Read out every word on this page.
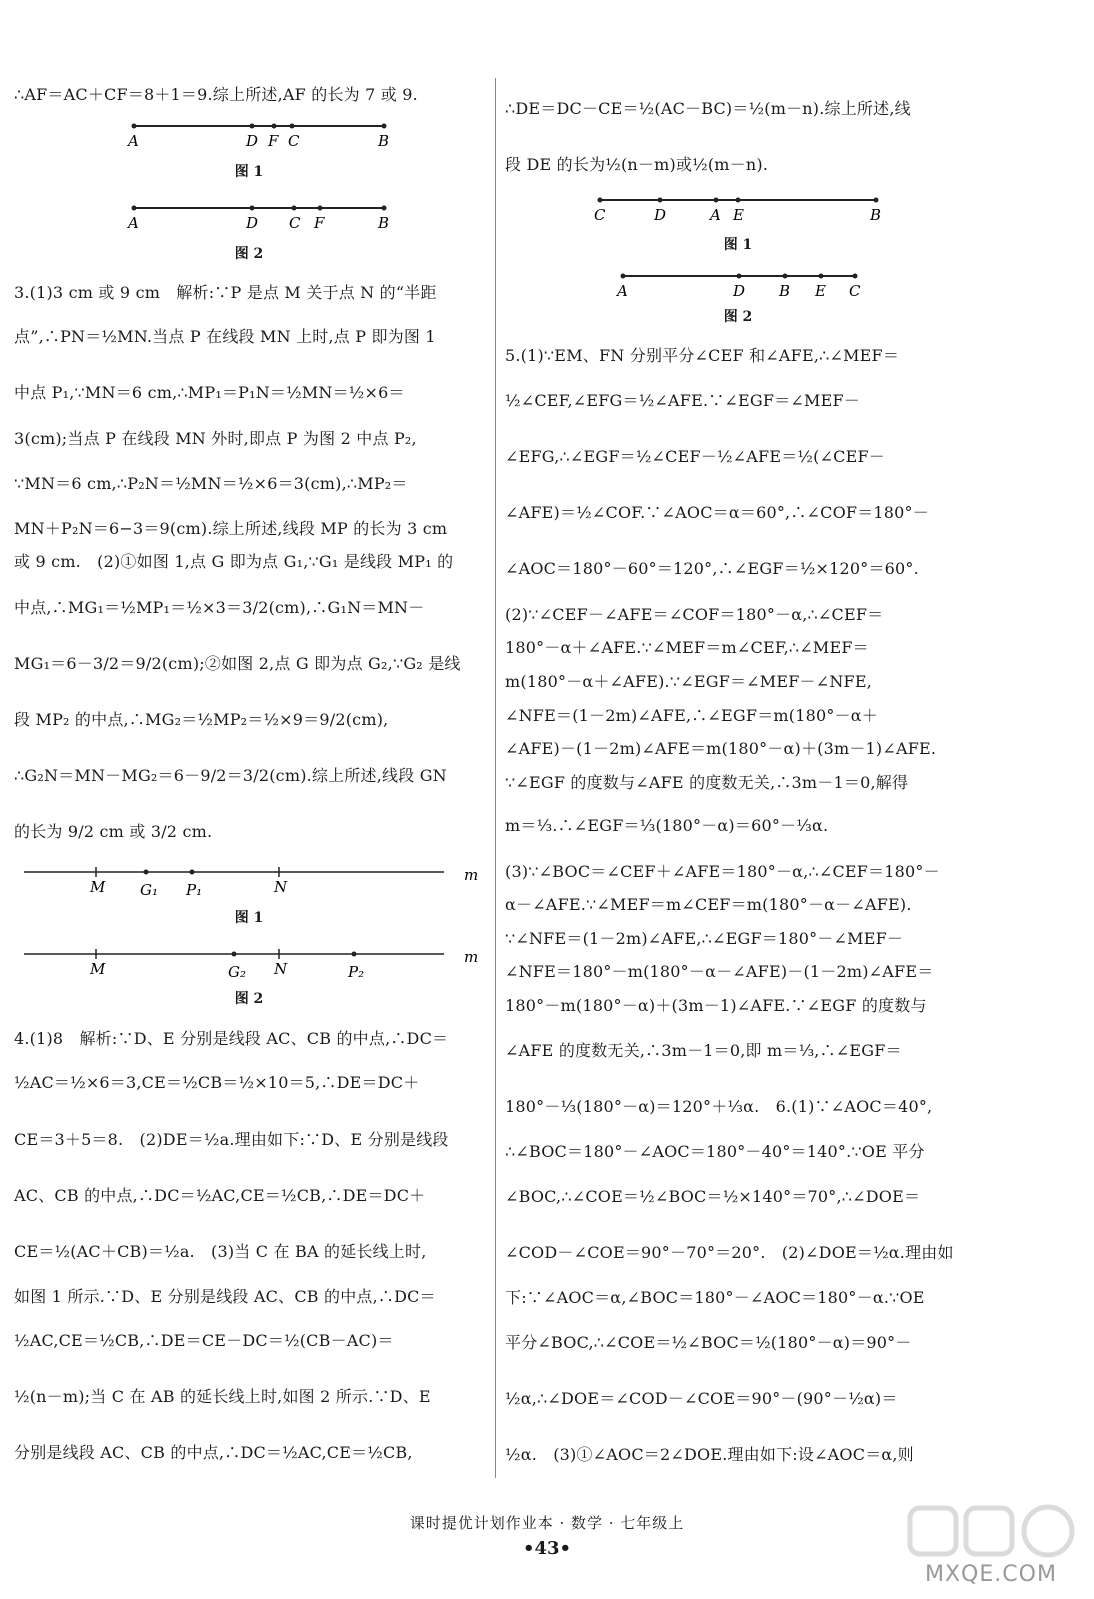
∴AF＝AC＋CF＝8＋1＝9.综上所述,AF 的长为 7 或 9.
A	D F C	B
图 1
A	D C F	B
图 2
3.(1)3 cm 或 9 cm　解析:∵P 是点 M 关于点 N 的“半距
点”,∴PN＝½MN.当点 P 在线段 MN 上时,点 P 即为图 1
中点 P₁,∵MN＝6 cm,∴MP₁＝P₁N＝½MN＝½×6＝
3(cm);当点 P 在线段 MN 外时,即点 P 为图 2 中点 P₂,
∵MN＝6 cm,∴P₂N＝½MN＝½×6＝3(cm),∴MP₂＝
MN＋P₂N＝6−3＝9(cm).综上所述,线段 MP 的长为 3 cm
或 9 cm.　(2)①如图 1,点 G 即为点 G₁,∵G₁ 是线段 MP₁ 的
中点,∴MG₁＝½MP₁＝½×3＝3/2(cm),∴G₁N＝MN－
MG₁＝6－3/2＝9/2(cm);②如图 2,点 G 即为点 G₂,∵G₂ 是线
段 MP₂ 的中点,∴MG₂＝½MP₂＝½×9＝9/2(cm),
∴G₂N＝MN－MG₂＝6－9/2＝3/2(cm).综上所述,线段 GN
的长为 9/2 cm 或 3/2 cm.
M G₁ P₁	N
m
图 1
M	G₂ N	P₂
m
图 2
4.(1)8　解析:∵D、E 分别是线段 AC、CB 的中点,∴DC＝
½AC＝½×6＝3,CE＝½CB＝½×10＝5,∴DE＝DC＋
CE＝3＋5＝8.　(2)DE＝½a.理由如下:∵D、E 分别是线段
AC、CB 的中点,∴DC＝½AC,CE＝½CB,∴DE＝DC＋
CE＝½(AC＋CB)＝½a.　(3)当 C 在 BA 的延长线上时,
如图 1 所示.∵D、E 分别是线段 AC、CB 的中点,∴DC＝
½AC,CE＝½CB,∴DE＝CE－DC＝½(CB－AC)＝
½(n－m);当 C 在 AB 的延长线上时,如图 2 所示.∵D、E
分别是线段 AC、CB 的中点,∴DC＝½AC,CE＝½CB,
∴DE＝DC－CE＝½(AC－BC)＝½(m－n).综上所述,线
段 DE 的长为½(n－m)或½(m－n).
C	D	A E	B
图 1
A	D B E C
图 2
5.(1)∵EM、FN 分别平分∠CEF 和∠AFE,∴∠MEF＝
½∠CEF,∠EFG＝½∠AFE.∵∠EGF＝∠MEF－
∠EFG,∴∠EGF＝½∠CEF－½∠AFE＝½(∠CEF－
∠AFE)＝½∠COF.∵∠AOC＝α＝60°,∴∠COF＝180°－
∠AOC＝180°－60°＝120°,∴∠EGF＝½×120°＝60°.
(2)∵∠CEF－∠AFE＝∠COF＝180°－α,∴∠CEF＝
180°－α＋∠AFE.∵∠MEF＝m∠CEF,∴∠MEF＝
m(180°－α＋∠AFE).∵∠EGF＝∠MEF－∠NFE,
∠NFE＝(1－2m)∠AFE,∴∠EGF＝m(180°－α＋
∠AFE)－(1－2m)∠AFE＝m(180°－α)＋(3m－1)∠AFE.
∵∠EGF 的度数与∠AFE 的度数无关,∴3m－1＝0,解得
m＝⅓.∴∠EGF＝⅓(180°－α)＝60°－⅓α.
(3)∵∠BOC＝∠CEF＋∠AFE＝180°－α,∴∠CEF＝180°－
α－∠AFE.∵∠MEF＝m∠CEF＝m(180°－α－∠AFE).
∵∠NFE＝(1－2m)∠AFE,∴∠EGF＝180°－∠MEF－
∠NFE＝180°－m(180°－α－∠AFE)－(1－2m)∠AFE＝
180°－m(180°－α)＋(3m－1)∠AFE.∵∠EGF 的度数与
∠AFE 的度数无关,∴3m－1＝0,即 m＝⅓,∴∠EGF＝
180°－⅓(180°－α)＝120°＋⅓α.　6.(1)∵∠AOC＝40°,
∴∠BOC＝180°－∠AOC＝180°－40°＝140°.∵OE 平分
∠BOC,∴∠COE＝½∠BOC＝½×140°＝70°,∴∠DOE＝
∠COD－∠COE＝90°－70°＝20°.　(2)∠DOE＝½α.理由如
下:∵∠AOC＝α,∠BOC＝180°－∠AOC＝180°－α.∵OE
平分∠BOC,∴∠COE＝½∠BOC＝½(180°－α)＝90°－
½α,∴∠DOE＝∠COD－∠COE＝90°－(90°－½α)＝
½α.　(3)①∠AOC＝2∠DOE.理由如下:设∠AOC＝α,则
课时提优计划作业本 · 数学 · 七年级上
•43•
MXQE.COM
